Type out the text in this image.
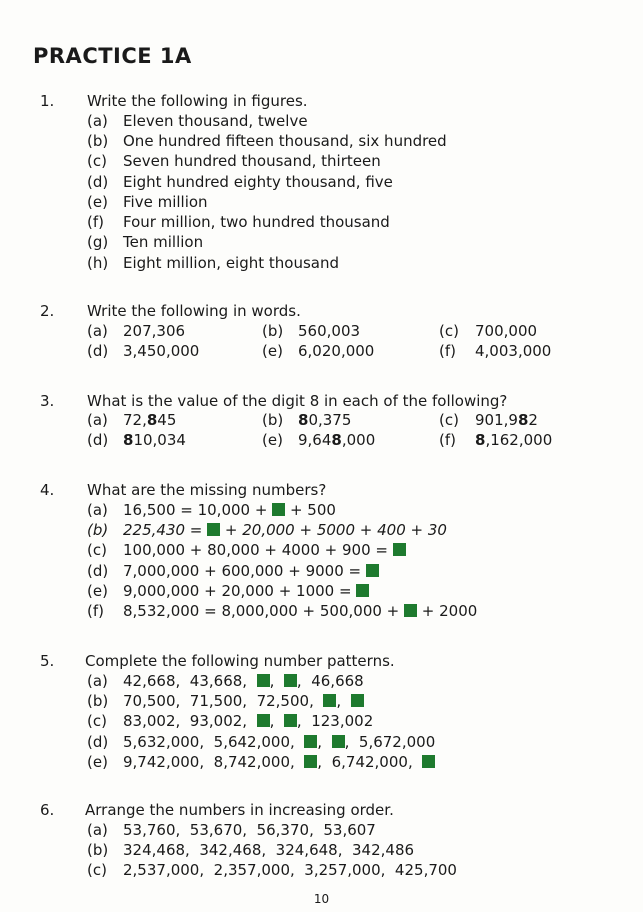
PRACTICE 1A
1. Write the following in figures.
(a) Eleven thousand, twelve
(b) One hundred fifteen thousand, six hundred
(c) Seven hundred thousand, thirteen
(d) Eight hundred eighty thousand, five
(e) Five million
(f) Four million, two hundred thousand
(g) Ten million
(h) Eight million, eight thousand
2. Write the following in words.
(a) 207,306	(b) 560,003	(c) 700,000
(d) 3,450,000	(e) 6,020,000	(f) 4,003,000
3. What is the value of the digit 8 in each of the following?
(a) 72,845	(b) 80,375	(c) 901,982
(d) 810,034	(e) 9,648,000	(f) 8,162,000
4. What are the missing numbers?
(a) 16,500 = 10,000 +  + 500
(b) 225,430 =  + 20,000 + 5000 + 400 + 30
(c) 100,000 + 80,000 + 4000 + 900 =
(d) 7,000,000 + 600,000 + 9000 =
(e) 9,000,000 + 20,000 + 1000 =
(f) 8,532,000 = 8,000,000 + 500,000 +  + 2000
5. Complete the following number patterns.
(a) 42,668,  43,668,  ,  ,  46,668
(b) 70,500,  71,500,  72,500,  ,
(c) 83,002,  93,002,  ,  ,  123,002
(d) 5,632,000,  5,642,000,  ,  ,  5,672,000
(e) 9,742,000,  8,742,000,  ,  6,742,000,
6. Arrange the numbers in increasing order.
(a) 53,760,  53,670,  56,370,  53,607
(b) 324,468,  342,468,  324,648,  342,486
(c) 2,537,000,  2,357,000,  3,257,000,  425,700
10
